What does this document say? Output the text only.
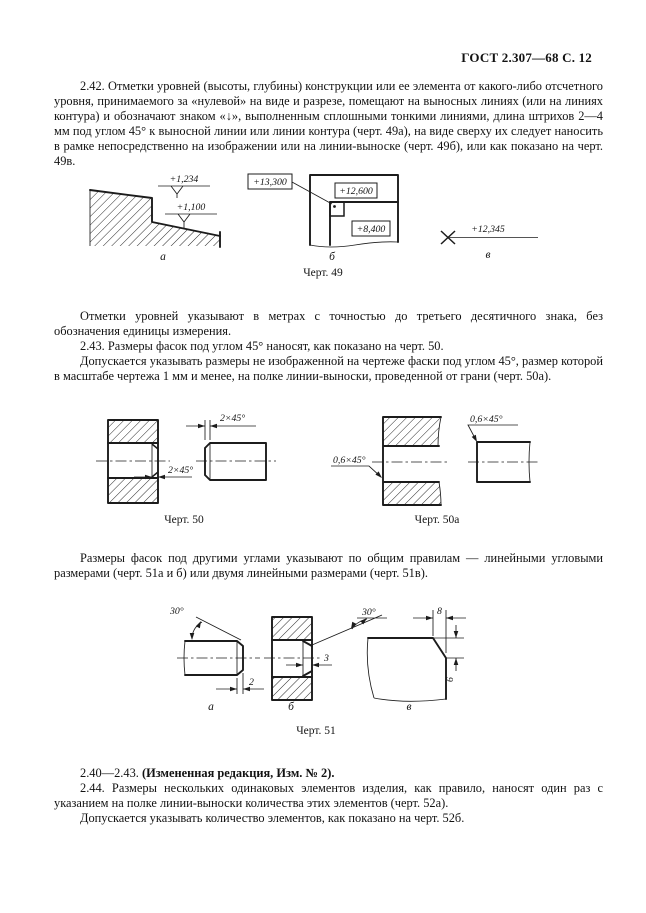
ГОСТ 2.307—68 С. 12

2.42. Отметки уровней (высоты, глубины) конструкции или ее элемента от какого-либо отсчетного уровня, принимаемого за «нулевой» на виде и разрезе, помещают на выносных линиях (или на линиях контура) и обозначают знаком «↓», выполненным сплошными тонкими линиями, длина штрихов 2—4 мм под углом 45° к выносной линии или линии контура (черт. 49а), на виде сверху их следует наносить в рамке непосредственно на изображении или на линии-выноске (черт. 49б), или как показано на черт. 49в.

+1,234
+1,100
а
+12,600
+8,400
+13,300
б
+12,345
в
Черт. 49

Отметки уровней указывают в метрах с точностью до третьего десятичного знака, без обозначения единицы измерения.

2.43. Размеры фасок под углом 45° наносят, как показано на черт. 50.

Допускается указывать размеры не изображенной на чертеже фаски под углом 45°, размер которой в масштабе чертежа 1 мм и менее, на полке линии-выноски, проведенной от грани (черт. 50а).

2×45°
2×45°
Черт. 50
0,6×45°
0,6×45°
Черт. 50а

Размеры фасок под другими углами указывают по общим правилам — линейными угловыми размерами (черт. 51а и б) или двумя линейными размерами (черт. 51в).

30°
2
а
3
30°
б
8
6
в
Черт. 51

2.40—2.43. (Измененная редакция, Изм. № 2).

2.44. Размеры нескольких одинаковых элементов изделия, как правило, наносят один раз с указанием на полке линии-выноски количества этих элементов (черт. 52а).

Допускается указывать количество элементов, как показано на черт. 52б.
